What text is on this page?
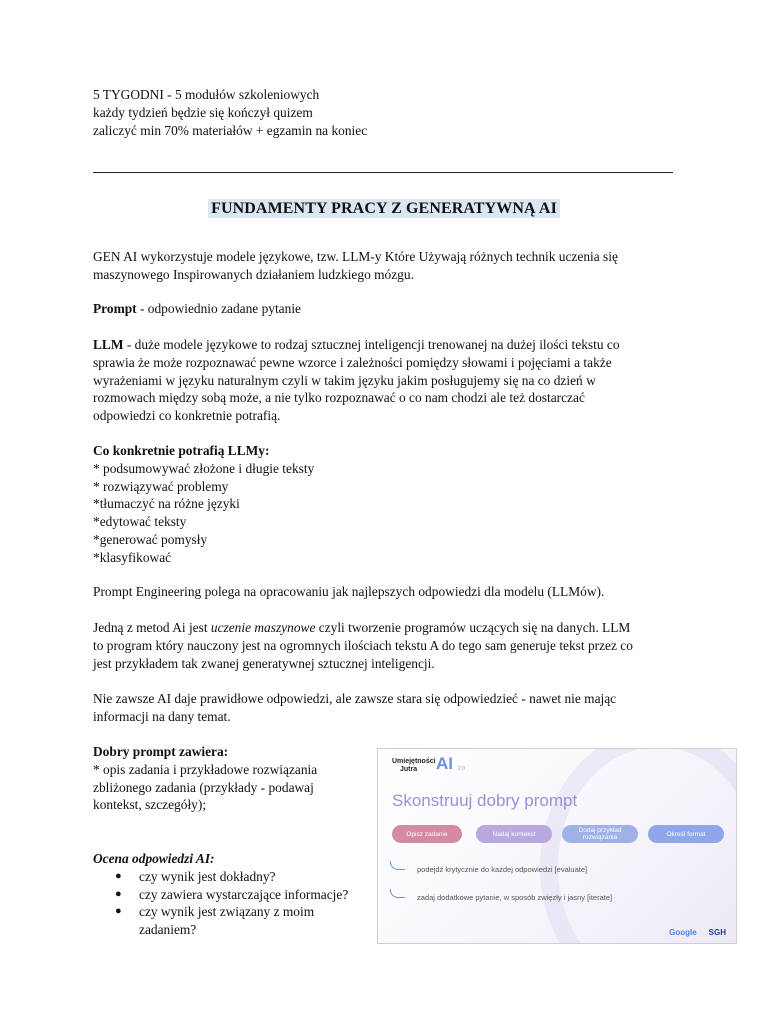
5 TYGODNI - 5 modułów szkoleniowych
każdy tydzień będzie się kończył quizem
zaliczyć min 70% materiałów + egzamin na koniec
FUNDAMENTY PRACY Z GENERATYWNĄ AI
GEN AI wykorzystuje modele językowe, tzw. LLM-y Które Używają różnych technik uczenia się
maszynowego Inspirowanych działaniem ludzkiego mózgu.
Prompt - odpowiednio zadane pytanie
LLM - duże modele językowe to rodzaj sztucznej inteligencji trenowanej na dużej ilości tekstu co
sprawia że może rozpoznawać pewne wzorce i zależności pomiędzy słowami i pojęciami a także
wyrażeniami w języku naturalnym czyli w takim języku jakim posługujemy się na co dzień w
rozmowach między sobą może, a nie tylko rozpoznawać o co nam chodzi ale też dostarczać
odpowiedzi co konkretnie potrafią.
Co konkretnie potrafią LLMy:
* podsumowywać złożone i długie teksty
* rozwiązywać problemy
*tłumaczyć na różne języki
*edytować teksty
*generować pomysły
*klasyfikować
Prompt Engineering polega na opracowaniu jak najlepszych odpowiedzi dla modelu (LLMów).
Jedną z metod Ai jest uczenie maszynowe czyli tworzenie programów uczących się na danych. LLM
to program który nauczony jest na ogromnych ilościach tekstu A do tego sam generuje tekst przez co
jest przykładem tak zwanej generatywnej sztucznej inteligencji.
Nie zawsze AI daje prawidłowe odpowiedzi, ale zawsze stara się odpowiedzieć - nawet nie mając
informacji na dany temat.
Dobry prompt zawiera:
* opis zadania i przykładowe rozwiązania
zbliżonego zadania (przykłady - podawaj
kontekst, szczegóły);
Ocena odpowiedzi AI:
● czy wynik jest dokładny?
● czy zawiera wystarczające informacje?
● czy wynik jest związany z moim
zadaniem?
Umiejętności
Jutra	AI 2.0
Skonstruuj dobry prompt
Opisz zadanie	Nadaj kontekst	Dodaj przykład rozwiązania	Określ format
podejdź krytycznie do każdej odpowiedzi [evaluate]
zadaj dodatkowe pytanie, w sposób zwięzły i jasny [iterate]
Google SGH
